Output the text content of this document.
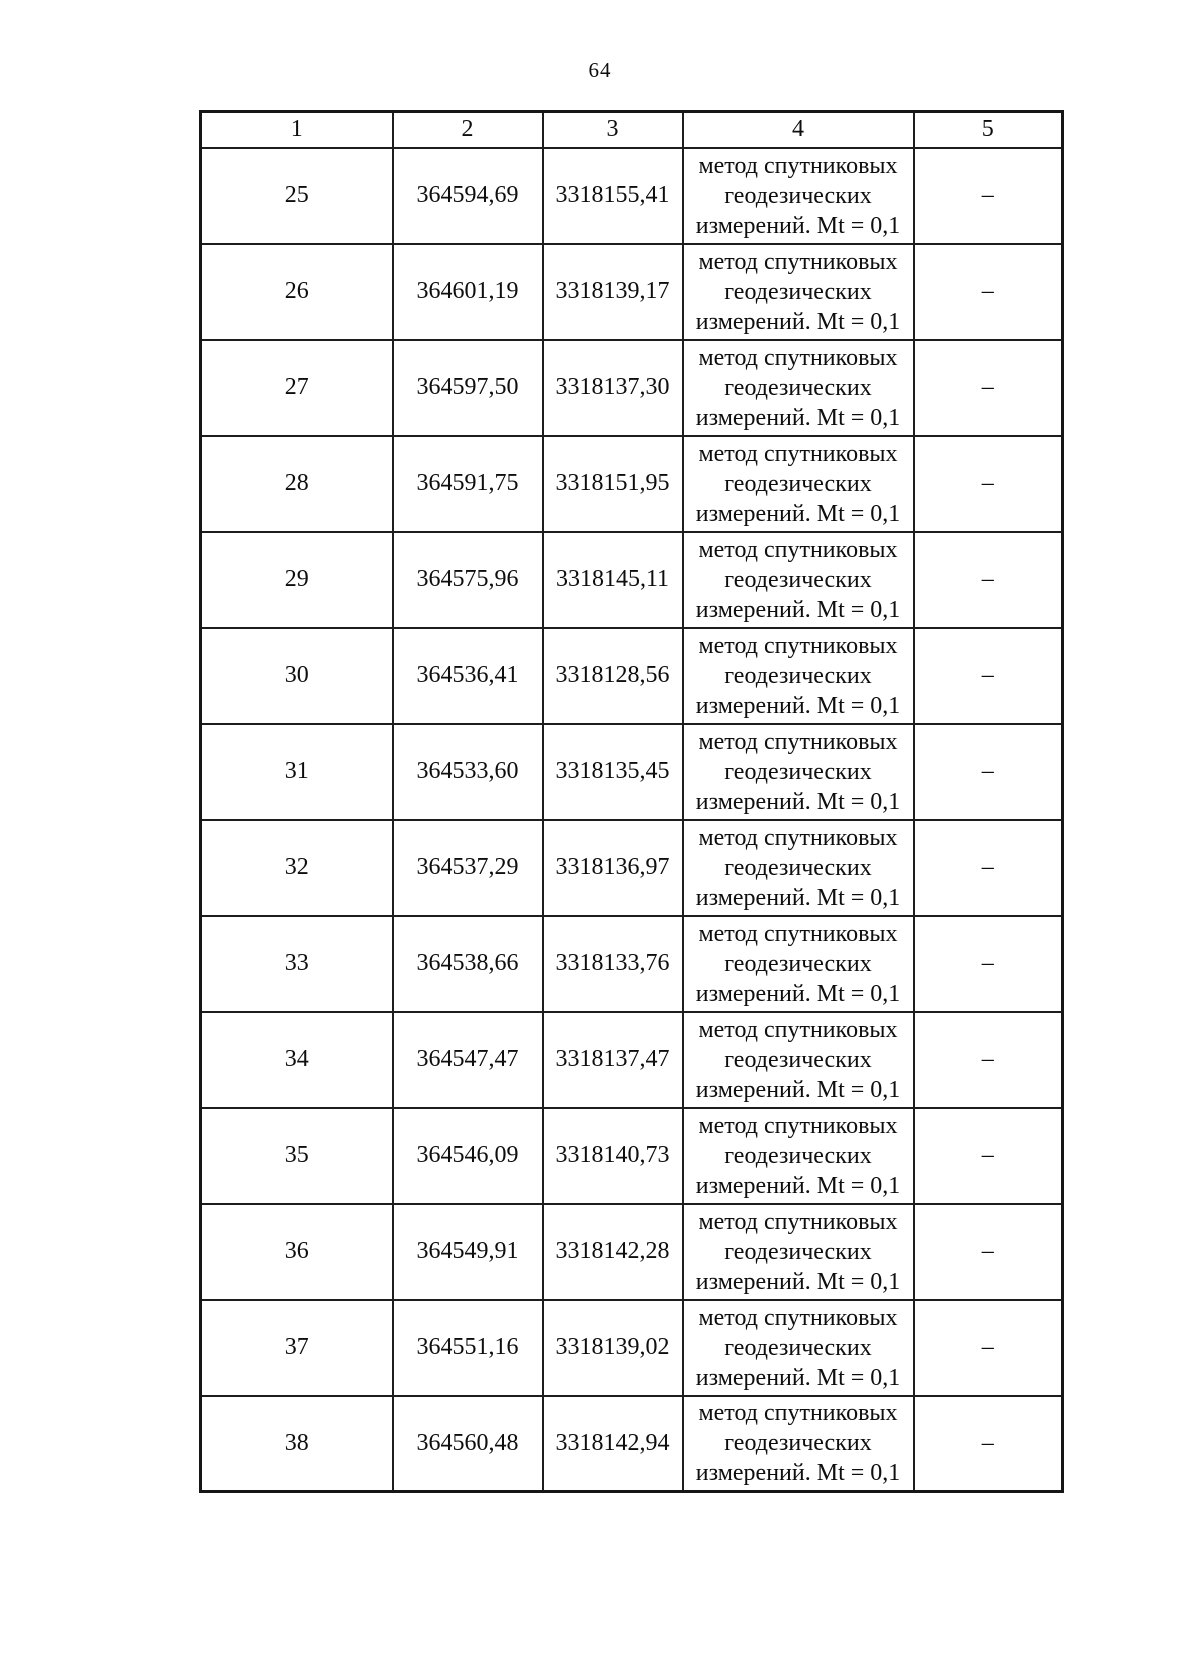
64
1	2	3	4	5
25	364594,69	3318155,41	метод спутниковых
геодезических
измерений. Mt = 0,1	–
26	364601,19	3318139,17	метод спутниковых
геодезических
измерений. Mt = 0,1	–
27	364597,50	3318137,30	метод спутниковых
геодезических
измерений. Mt = 0,1	–
28	364591,75	3318151,95	метод спутниковых
геодезических
измерений. Mt = 0,1	–
29	364575,96	3318145,11	метод спутниковых
геодезических
измерений. Mt = 0,1	–
30	364536,41	3318128,56	метод спутниковых
геодезических
измерений. Mt = 0,1	–
31	364533,60	3318135,45	метод спутниковых
геодезических
измерений. Mt = 0,1	–
32	364537,29	3318136,97	метод спутниковых
геодезических
измерений. Mt = 0,1	–
33	364538,66	3318133,76	метод спутниковых
геодезических
измерений. Mt = 0,1	–
34	364547,47	3318137,47	метод спутниковых
геодезических
измерений. Mt = 0,1	–
35	364546,09	3318140,73	метод спутниковых
геодезических
измерений. Mt = 0,1	–
36	364549,91	3318142,28	метод спутниковых
геодезических
измерений. Mt = 0,1	–
37	364551,16	3318139,02	метод спутниковых
геодезических
измерений. Mt = 0,1	–
38	364560,48	3318142,94	метод спутниковых
геодезических
измерений. Mt = 0,1	–
